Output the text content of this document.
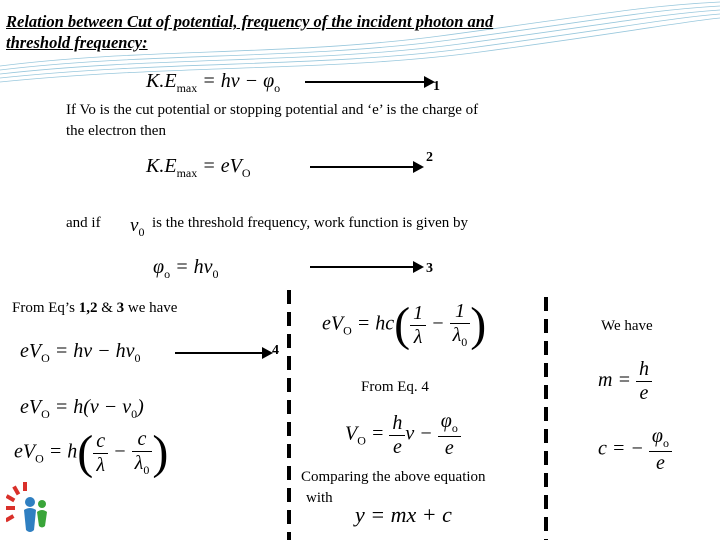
Relation between Cut of potential, frequency of the incident photon and threshold frequency:
$K.E_{max} = h\nu - \varphi_o$	1
If Vo is the cut potential or stopping potential and ‘e’ is the charge of
the electron then
$K.E_{max} = eV_O$
2
and if $\nu_0$
is the threshold frequency, work function is given by
$\varphi_o = h\nu_0$	3
From Eq’s 1,2 & 3 we have
$eV_O = h\nu - h\nu_0$	4
$eV_O = h(\nu - \nu_0)$
$eV_O = h( \frac{c}{\lambda} - \frac{c}{\lambda_0}$ )
$eV_O = hc( \frac{1}{\lambda} - \frac{1}{\lambda_0}$ )
From Eq. 4
$V_O = \frac{h}{e}$ $\nu - \frac{\varphi_o}{e}$
Comparing the above equation
with
y = mx + c
We have
$m = \frac{h}{e}$
c = − $\frac{\varphi_o}{e}$
